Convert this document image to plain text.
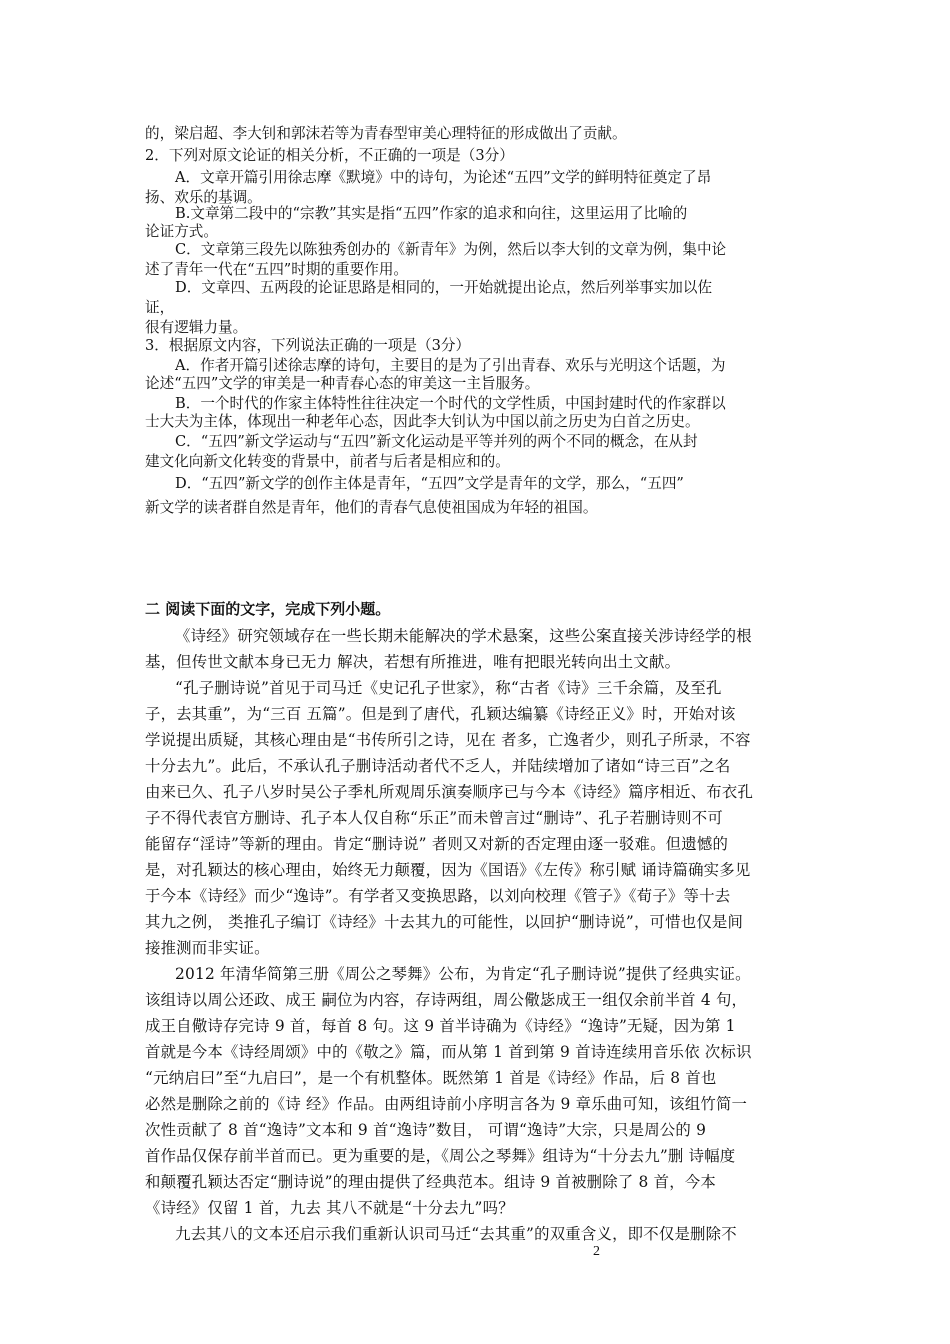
的，梁启超、李大钊和郭沫若等为青春型审美心理特征的形成做出了贡献。
2．下列对原文论证的相关分析，不正确的一项是（3分）
A．文章开篇引用徐志摩《默境》中的诗句，为论述“五四”文学的鲜明特征奠定了昂
扬、欢乐的基调。
B.文章第二段中的“宗教”其实是指“五四”作家的追求和向往，这里运用了比喻的
论证方式。
C．文章第三段先以陈独秀创办的《新青年》为例，然后以李大钊的文章为例，集中论
述了青年一代在“五四”时期的重要作用。
D．文章四、五两段的论证思路是相同的，一开始就提出论点，然后列举事实加以佐
证，
很有逻辑力量。
3．根据原文内容，下列说法正确的一项是（3分）
A．作者开篇引述徐志摩的诗句，主要目的是为了引出青春、欢乐与光明这个话题，为
论述“五四”文学的审美是一种青春心态的审美这一主旨服务。
B．一个时代的作家主体特性往往决定一个时代的文学性质，中国封建时代的作家群以
士大夫为主体，体现出一种老年心态，因此李大钊认为中国以前之历史为白首之历史。
C．“五四”新文学运动与“五四”新文化运动是平等并列的两个不同的概念，在从封
建文化向新文化转变的背景中，前者与后者是相应和的。
D．“五四”新文学的创作主体是青年，“五四”文学是青年的文学，那么，“五四”
新文学的读者群自然是青年，他们的青春气息使祖国成为年轻的祖国。
二 阅读下面的文字，完成下列小题。
《诗经》研究领域存在一些长期未能解决的学术悬案，这些公案直接关涉诗经学的根
基，但传世文献本身已无力 解决，若想有所推进，唯有把眼光转向出土文献。
“孔子删诗说”首见于司马迁《史记孔子世家》，称“古者《诗》三千余篇，及至孔
子，去其重”，为“三百 五篇”。但是到了唐代，孔颖达编纂《诗经正义》时，开始对该
学说提出质疑，其核心理由是“书传所引之诗，见在 者多，亡逸者少，则孔子所录，不容
十分去九”。此后，不承认孔子删诗活动者代不乏人，并陆续增加了诸如“诗三百”之名
由来已久、孔子八岁时吴公子季札所观周乐演奏顺序已与今本《诗经》篇序相近、布衣孔
子不得代表官方删诗、孔子本人仅自称“乐正”而未曾言过“删诗”、孔子若删诗则不可
能留存“淫诗”等新的理由。肯定“删诗说” 者则又对新的否定理由逐一驳难。但遗憾的
是，对孔颖达的核心理由，始终无力颠覆，因为《国语》《左传》称引赋 诵诗篇确实多见
于今本《诗经》而少“逸诗”。有学者又变换思路，以刘向校理《管子》《荀子》等十去
其九之例， 类推孔子编订《诗经》十去其九的可能性，以回护“删诗说”，可惜也仅是间
接推测而非实证。
2012 年清华简第三册《周公之琴舞》公布，为肯定“孔子删诗说”提供了经典实证。
该组诗以周公还政、成王 嗣位为内容，存诗两组，周公儆毖成王一组仅余前半首 4 句，
成王自儆诗存完诗 9 首，每首 8 句。这 9 首半诗确为《诗经》“逸诗”无疑，因为第 1
首就是今本《诗经周颂》中的《敬之》篇，而从第 1 首到第 9 首诗连续用音乐依 次标识
“元纳启曰”至“九启曰”，是一个有机整体。既然第 1 首是《诗经》作品，后 8 首也
必然是删除之前的《诗 经》作品。由两组诗前小序明言各为 9 章乐曲可知，该组竹简一
次性贡献了 8 首“逸诗”文本和 9 首“逸诗”数目， 可谓“逸诗”大宗，只是周公的 9
首作品仅保存前半首而已。更为重要的是，《周公之琴舞》组诗为“十分去九”删 诗幅度
和颠覆孔颖达否定“删诗说”的理由提供了经典范本。组诗 9 首被删除了 8 首，今本
《诗经》仅留 1 首，九去 其八不就是“十分去九”吗？
九去其八的文本还启示我们重新认识司马迁“去其重”的双重含义，即不仅是删除不
2
